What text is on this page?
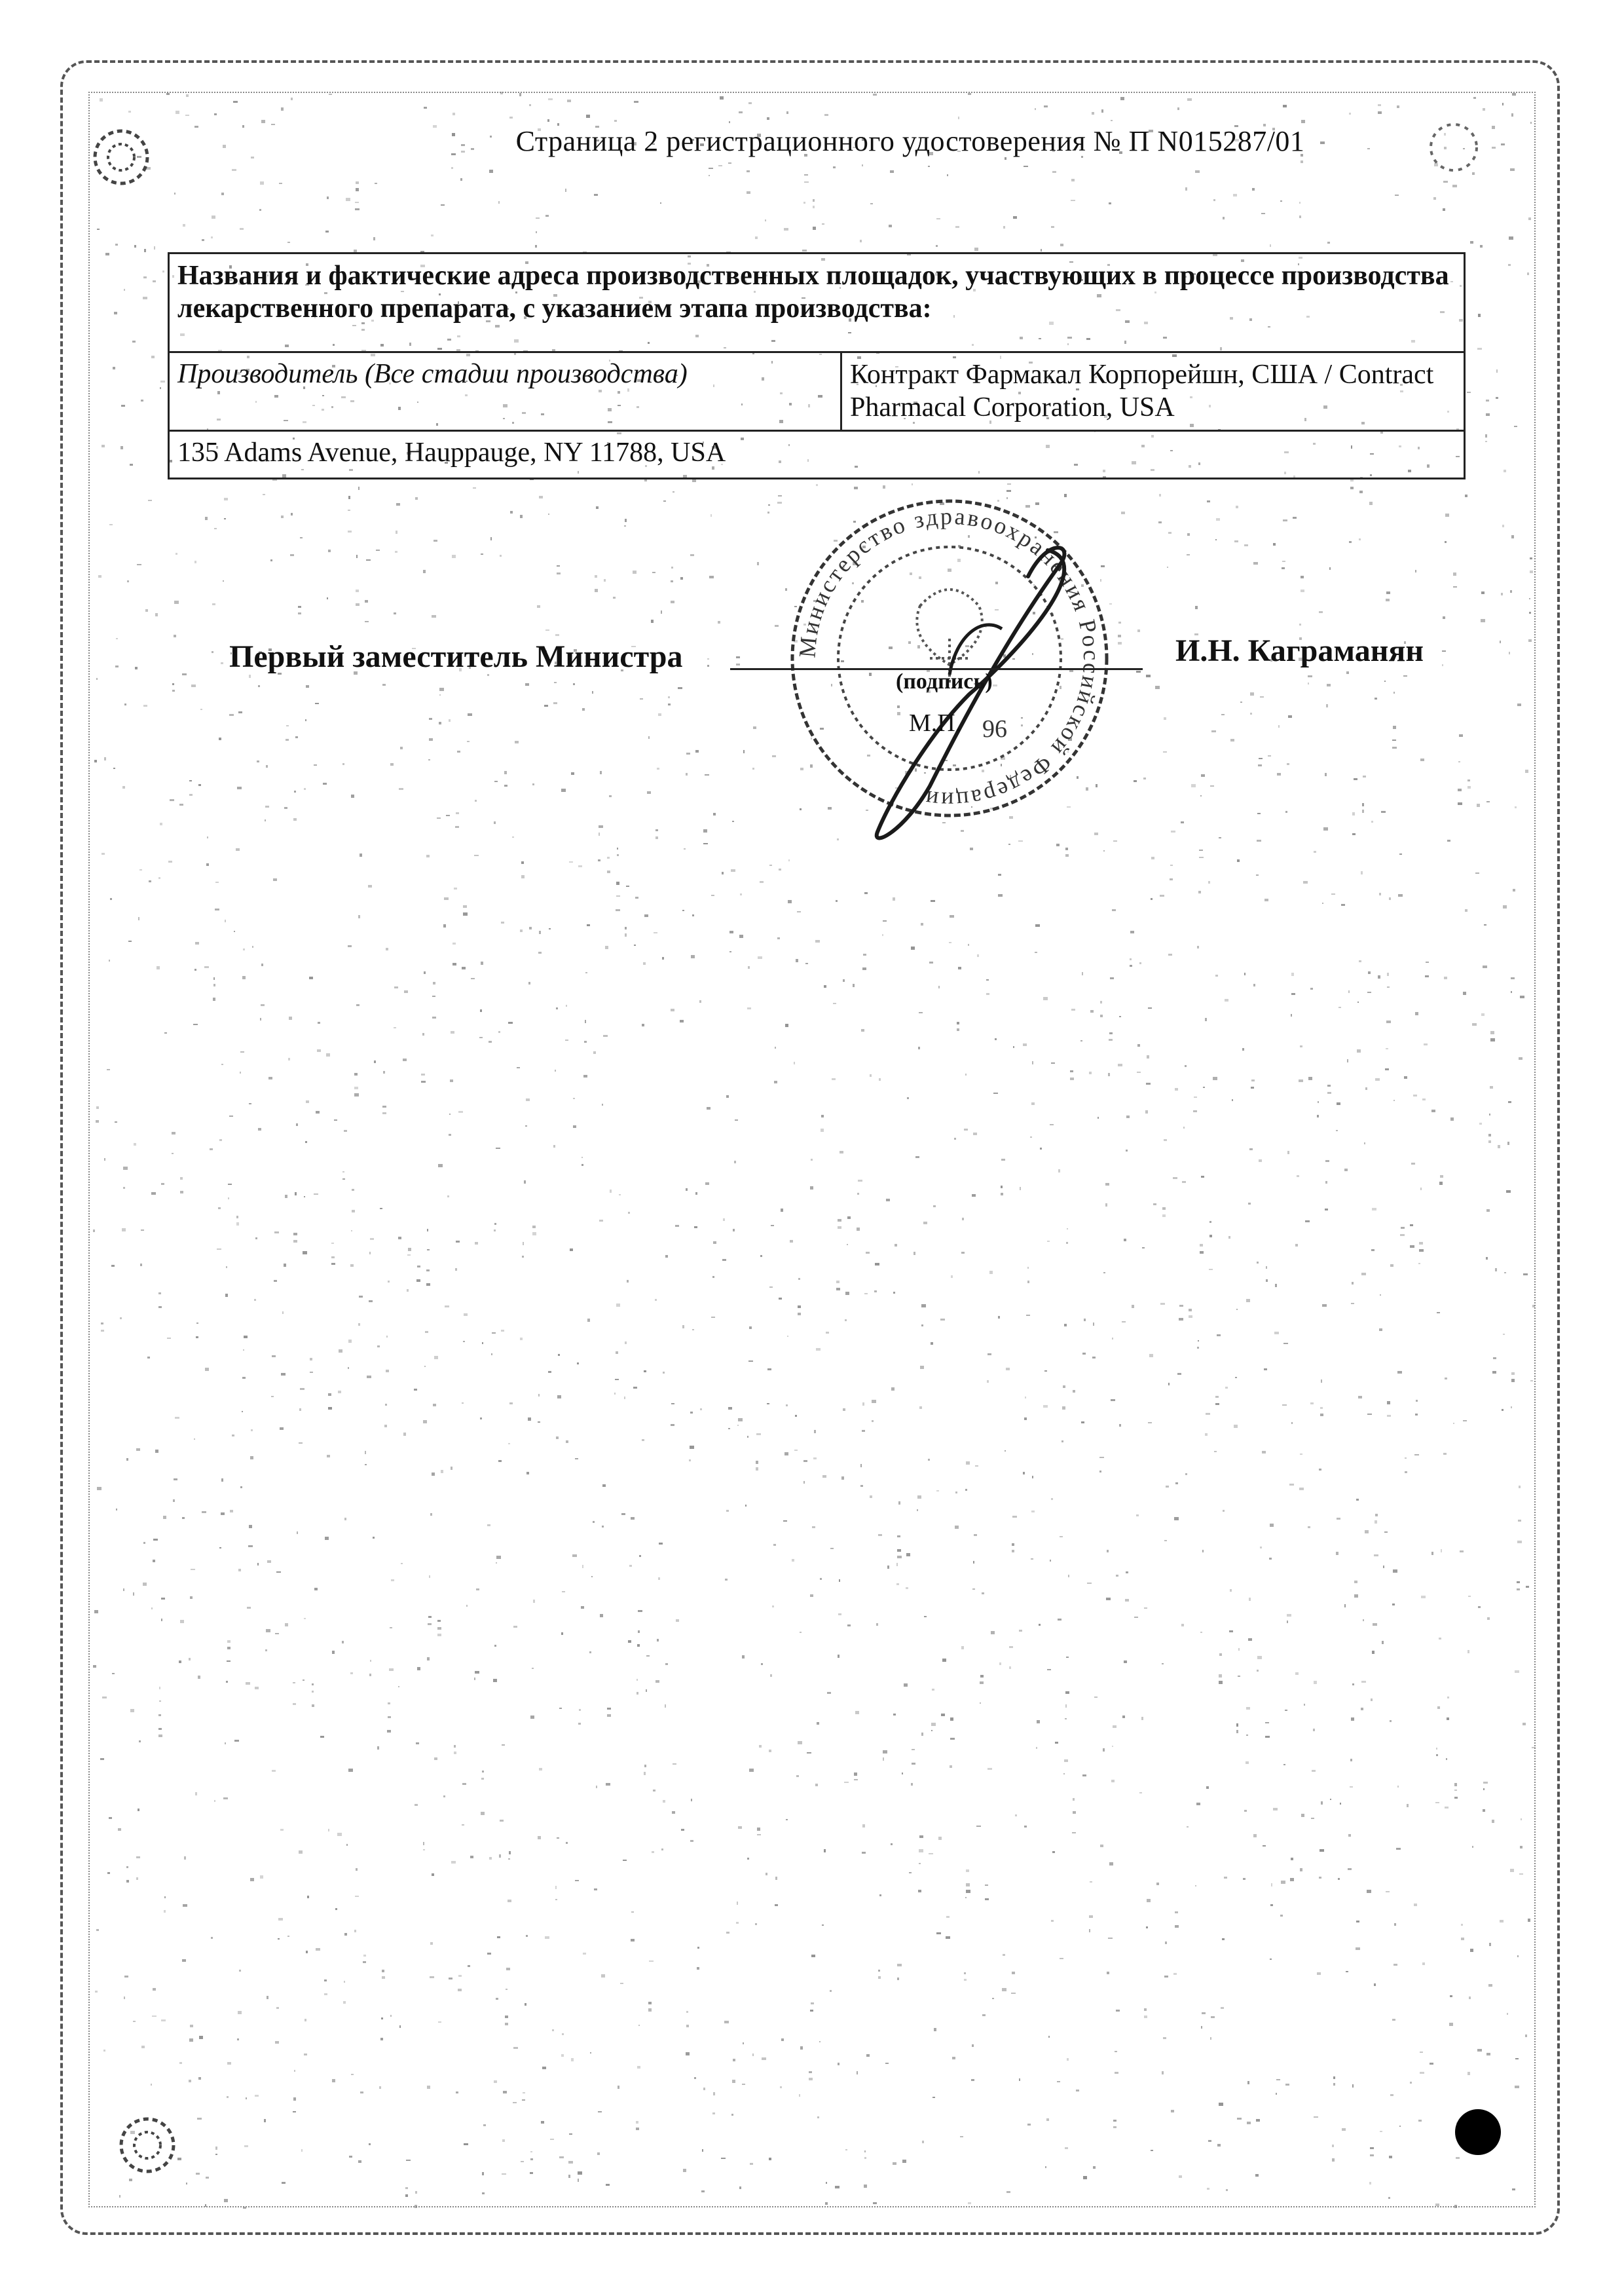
Страница 2 регистрационного удостоверения № П N015287/01
Названия и фактические адреса производственных площадок, участвующих в процессе производства лекарственного препарата, с указанием этапа производства:
Производитель (Все стадии производства)	Контракт Фармакал Корпорейшн, США / Contract Pharmacal Corporation, USA
135 Adams Avenue, Hauppauge, NY 11788, USA
Министерство здравоохранения Российской Федерации
96
Первый заместитель Министра
(подпись)
М.П.
И.Н. Каграманян
